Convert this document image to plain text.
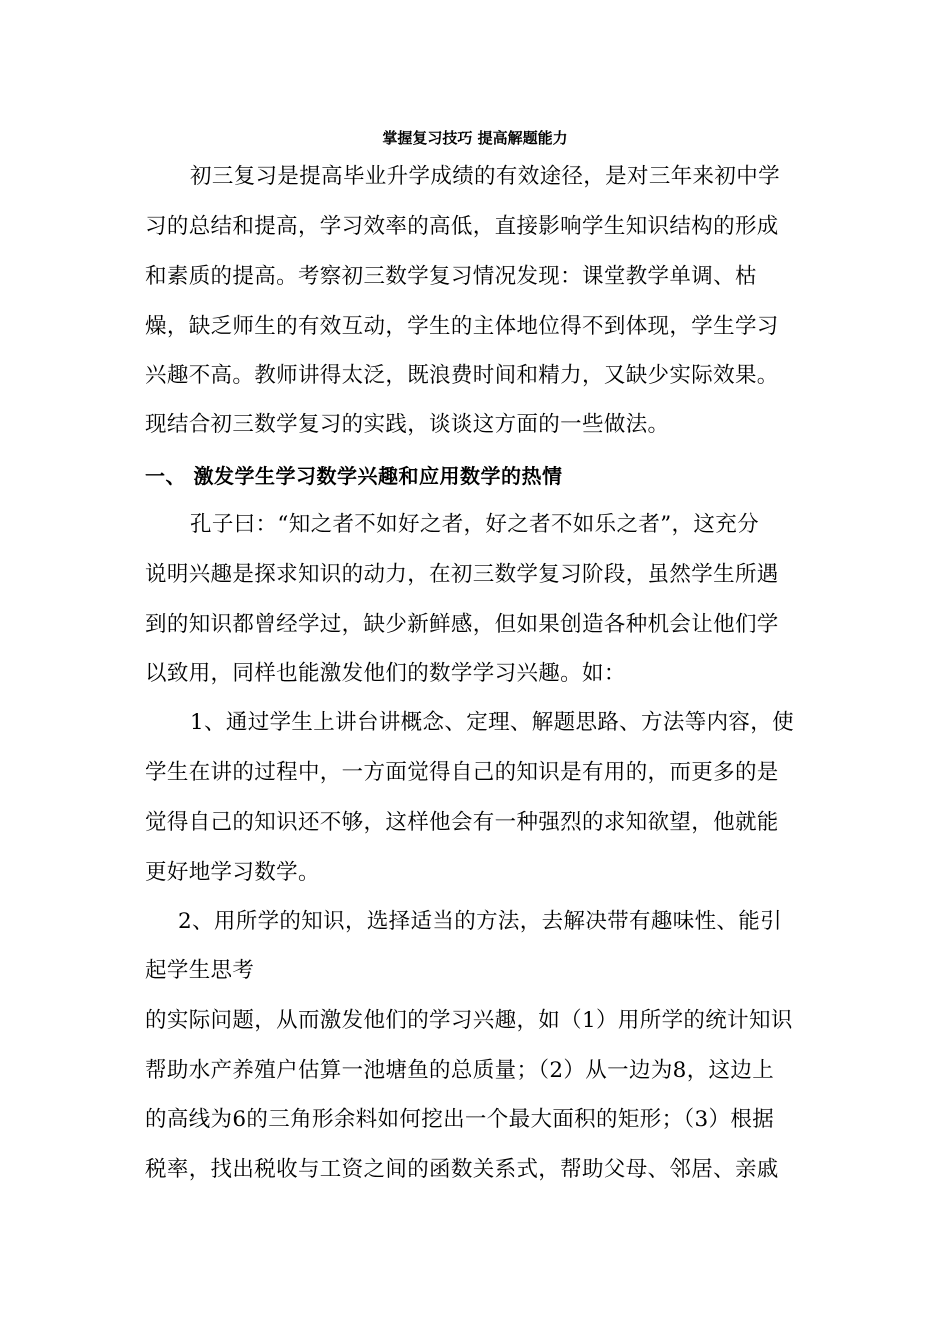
掌握复习技巧 提高解题能力
初三复习是提高毕业升学成绩的有效途径，是对三年来初中学
习的总结和提高，学习效率的高低，直接影响学生知识结构的形成
和素质的提高。考察初三数学复习情况发现：课堂教学单调、枯
燥，缺乏师生的有效互动，学生的主体地位得不到体现，学生学习
兴趣不高。教师讲得太泛，既浪费时间和精力，又缺少实际效果。
现结合初三数学复习的实践，谈谈这方面的一些做法。
一、 激发学生学习数学兴趣和应用数学的热情
孔子曰：“知之者不如好之者，好之者不如乐之者”，这充分
说明兴趣是探求知识的动力，在初三数学复习阶段，虽然学生所遇
到的知识都曾经学过，缺少新鲜感，但如果创造各种机会让他们学
以致用，同样也能激发他们的数学学习兴趣。如：
1、通过学生上讲台讲概念、定理、解题思路、方法等内容，使
学生在讲的过程中，一方面觉得自己的知识是有用的，而更多的是
觉得自己的知识还不够，这样他会有一种强烈的求知欲望，他就能
更好地学习数学。
2、用所学的知识，选择适当的方法，去解决带有趣味性、能引
起学生思考
的实际问题，从而激发他们的学习兴趣，如（1）用所学的统计知识
帮助水产养殖户估算一池塘鱼的总质量；（2）从一边为8，这边上
的高线为6的三角形余料如何挖出一个最大面积的矩形；（3）根据
税率，找出税收与工资之间的函数关系式，帮助父母、邻居、亲戚
